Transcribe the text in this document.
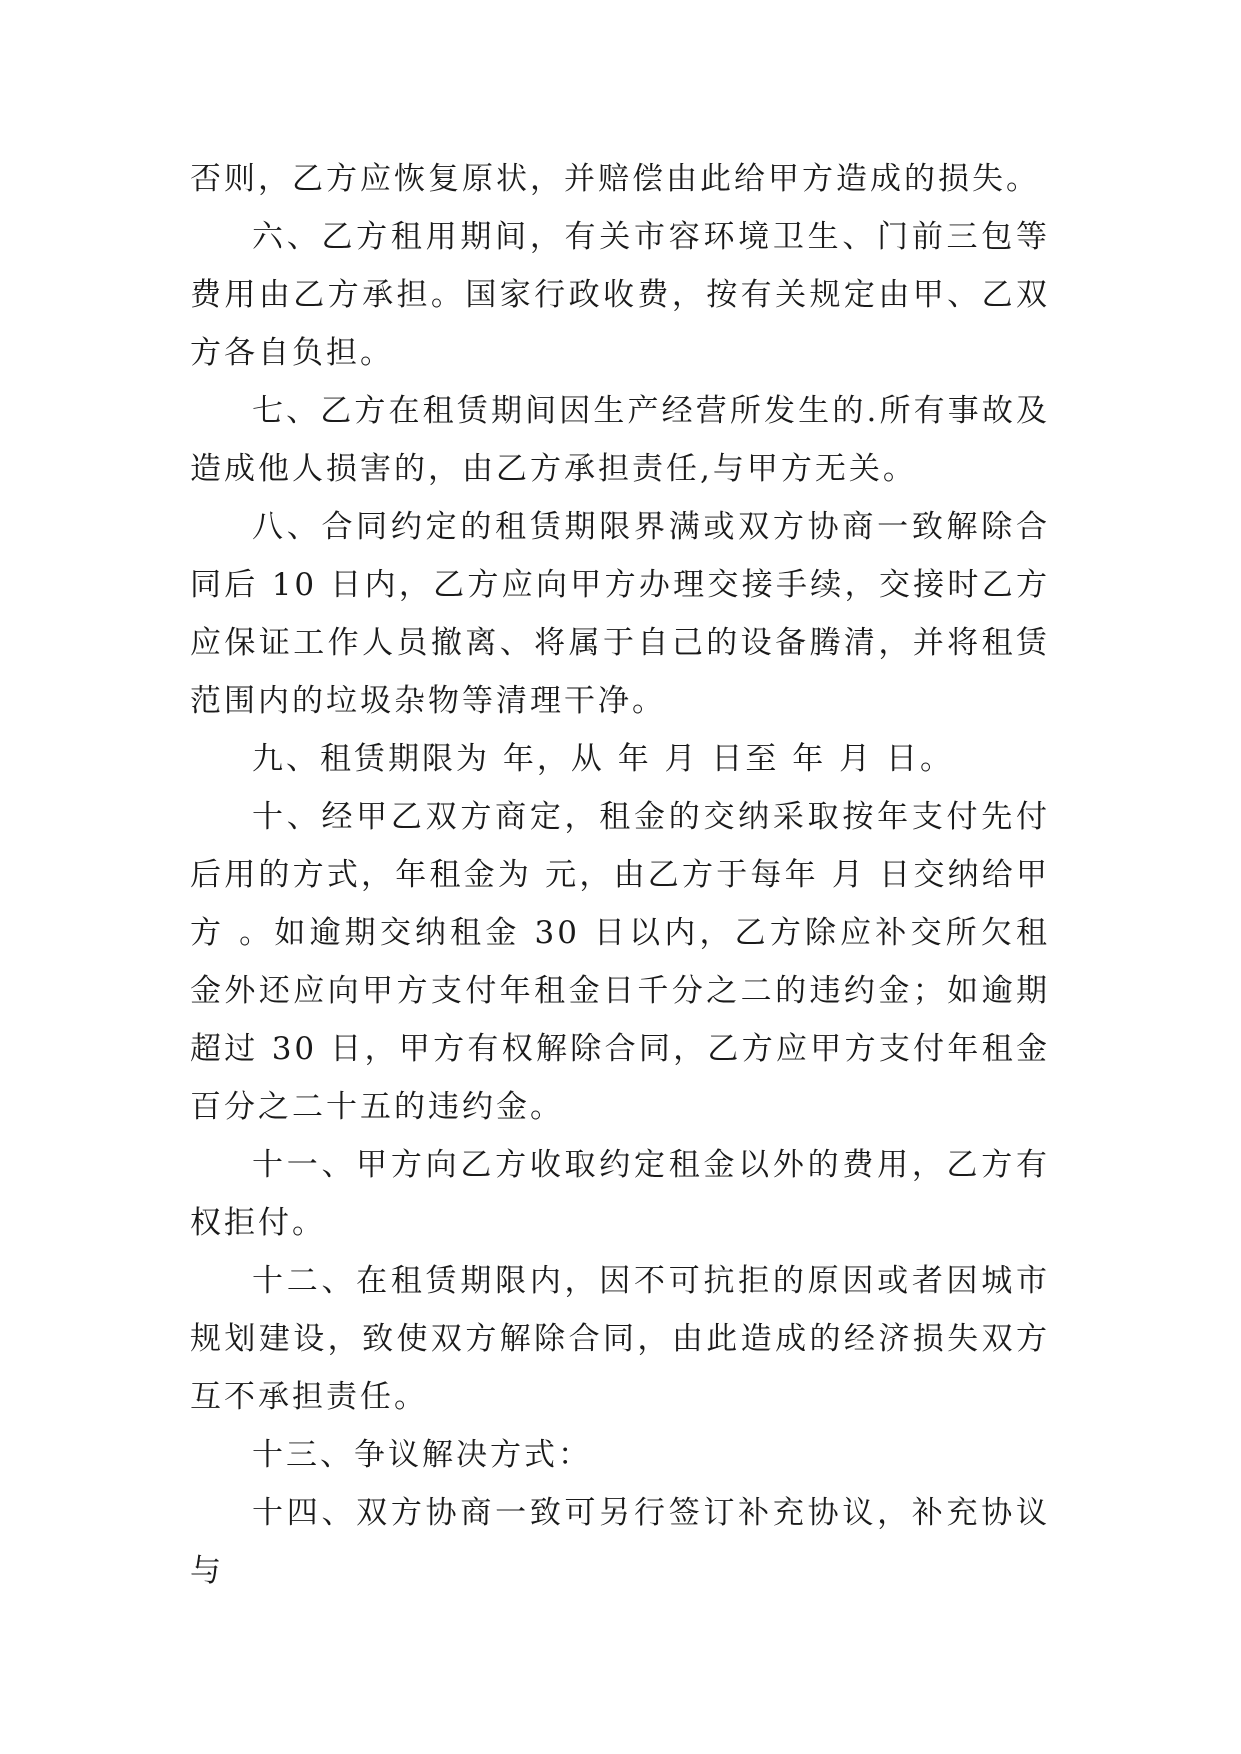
否则，乙方应恢复原状，并赔偿由此给甲方造成的损失。

六、乙方租用期间，有关市容环境卫生、门前三包等费用由乙方承担。国家行政收费，按有关规定由甲、乙双方各自负担。

七、乙方在租赁期间因生产经营所发生的.所有事故及造成他人损害的，由乙方承担责任,与甲方无关。

八、合同约定的租赁期限界满或双方协商一致解除合同后 10 日内，乙方应向甲方办理交接手续，交接时乙方应保证工作人员撤离、将属于自己的设备腾清，并将租赁范围内的垃圾杂物等清理干净。

九、租赁期限为 年，从 年 月 日至 年 月 日。

十、经甲乙双方商定，租金的交纳采取按年支付先付后用的方式，年租金为 元，由乙方于每年 月 日交纳给甲方 。如逾期交纳租金 30 日以内，乙方除应补交所欠租金外还应向甲方支付年租金日千分之二的违约金；如逾期超过 30 日，甲方有权解除合同，乙方应甲方支付年租金百分之二十五的违约金。

十一、甲方向乙方收取约定租金以外的费用，乙方有权拒付。

十二、在租赁期限内，因不可抗拒的原因或者因城市规划建设，致使双方解除合同，由此造成的经济损失双方互不承担责任。

十三、争议解决方式：

十四、双方协商一致可另行签订补充协议，补充协议与
